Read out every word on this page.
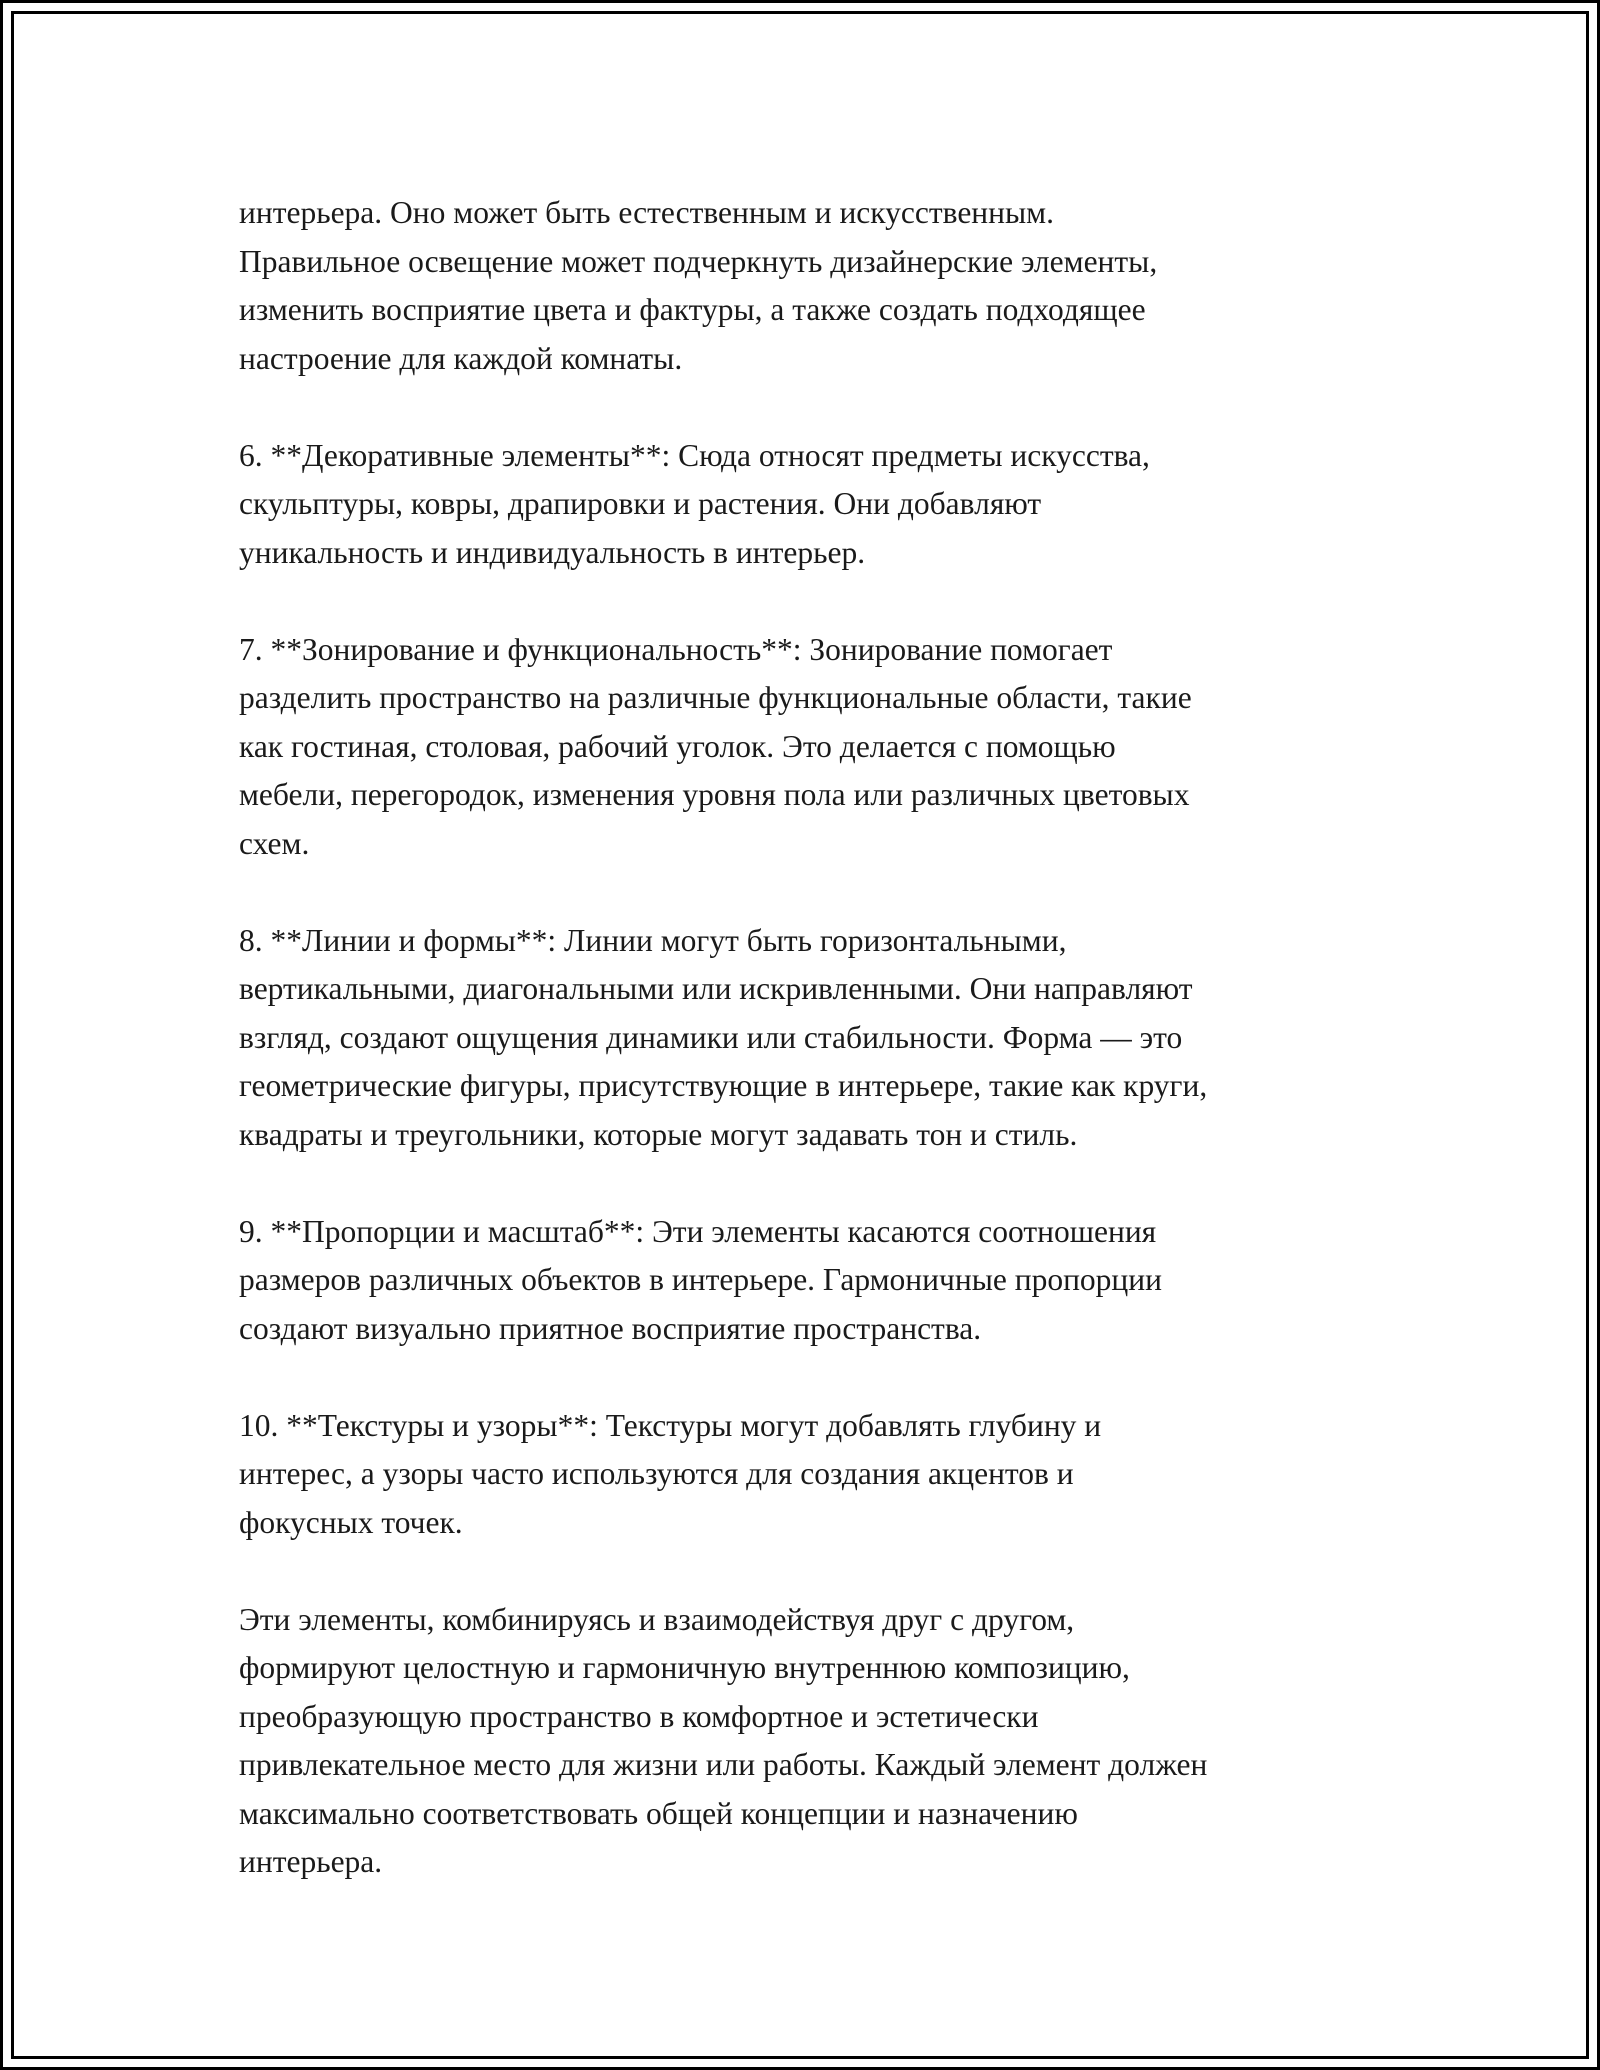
интерьера. Оно может быть естественным и искусственным.
Правильное освещение может подчеркнуть дизайнерские элементы,
изменить восприятие цвета и фактуры, а также создать подходящее
настроение для каждой комнаты.

6. **Декоративные элементы**: Сюда относят предметы искусства,
скульптуры, ковры, драпировки и растения. Они добавляют
уникальность и индивидуальность в интерьер.

7. **Зонирование и функциональность**: Зонирование помогает
разделить пространство на различные функциональные области, такие
как гостиная, столовая, рабочий уголок. Это делается с помощью
мебели, перегородок, изменения уровня пола или различных цветовых
схем.

8. **Линии и формы**: Линии могут быть горизонтальными,
вертикальными, диагональными или искривленными. Они направляют
взгляд, создают ощущения динамики или стабильности. Форма — это
геометрические фигуры, присутствующие в интерьере, такие как круги,
квадраты и треугольники, которые могут задавать тон и стиль.

9. **Пропорции и масштаб**: Эти элементы касаются соотношения
размеров различных объектов в интерьере. Гармоничные пропорции
создают визуально приятное восприятие пространства.

10. **Текстуры и узоры**: Текстуры могут добавлять глубину и
интерес, а узоры часто используются для создания акцентов и
фокусных точек.

Эти элементы, комбинируясь и взаимодействуя друг с другом,
формируют целостную и гармоничную внутреннюю композицию,
преобразующую пространство в комфортное и эстетически
привлекательное место для жизни или работы. Каждый элемент должен
максимально соответствовать общей концепции и назначению
интерьера.
